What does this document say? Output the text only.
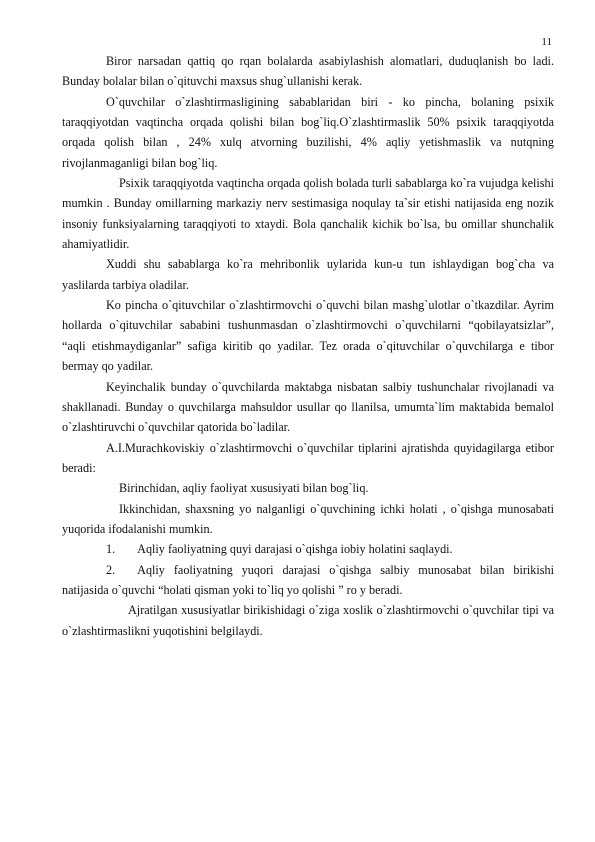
11

Biror narsadan qattiq qo rqan bolalarda asabiylashish alomatlari, duduqlanish bo ladi. Bunday bolalar bilan o`qituvchi maxsus shug`ullanishi kerak.

O`quvchilar o`zlashtirmasligining sabablaridan biri - ko pincha, bolaning psixik taraqqiyotdan vaqtincha orqada qolishi bilan bog`liq.O`zlashtirmaslik 50% psixik taraqqiyotda orqada qolish bilan , 24% xulq atvorning buzilishi, 4% aqliy yetishmaslik va nutqning rivojlanmaganligi bilan bog`liq.

Psixik taraqqiyotda vaqtincha orqada qolish bolada turli sabablarga ko`ra vujudga kelishi mumkin . Bunday omillarning markaziy nerv sestimasiga noqulay ta`sir etishi natijasida eng nozik insoniy funksiyalarning taraqqiyoti to xtaydi. Bola qanchalik kichik bo`lsa, bu omillar shunchalik ahamiyatlidir.

Xuddi shu sabablarga ko`ra mehribonlik uylarida kun-u tun ishlaydigan bog`cha va yaslilarda tarbiya oladilar.

Ko pincha o`qituvchilar o`zlashtirmovchi o`quvchi bilan mashg`ulotlar o`tkazdilar. Ayrim hollarda o`qituvchilar sababini tushunmasdan o`zlashtirmovchi o`quvchilarni “qobilayatsizlar”, “aqli etishmaydiganlar” safiga kiritib qo yadilar. Tez orada o`qituvchilar o`quvchilarga e tibor bermay qo yadilar.

Keyinchalik bunday o`quvchilarda maktabga nisbatan salbiy tushunchalar rivojlanadi va shakllanadi. Bunday o quvchilarga mahsuldor usullar qo llanilsa, umumta`lim maktabida bemalol o`zlashtiruvchi o`quvchilar qatorida bo`ladilar.

A.I.Murachkoviskiy o`zlashtirmovchi o`quvchilar tiplarini ajratishda quyidagilarga etibor beradi:

Birinchidan, aqliy faoliyat xususiyati bilan bog`liq.

Ikkinchidan, shaxsning yo nalganligi o`quvchining ichki holati , o`qishga munosabati yuqorida ifodalanishi mumkin.

1. Aqliy faoliyatning quyi darajasi o`qishga iobiy holatini saqlaydi.

2. Aqliy faoliyatning yuqori darajasi o`qishga salbiy munosabat bilan birikishi natijasida o`quvchi “holati qisman yoki to`liq yo qolishi ” ro y beradi.

Ajratilgan xususiyatlar birikishidagi o`ziga xoslik o`zlashtirmovchi o`quvchilar tipi va o`zlashtirmaslikni yuqotishini belgilaydi.
